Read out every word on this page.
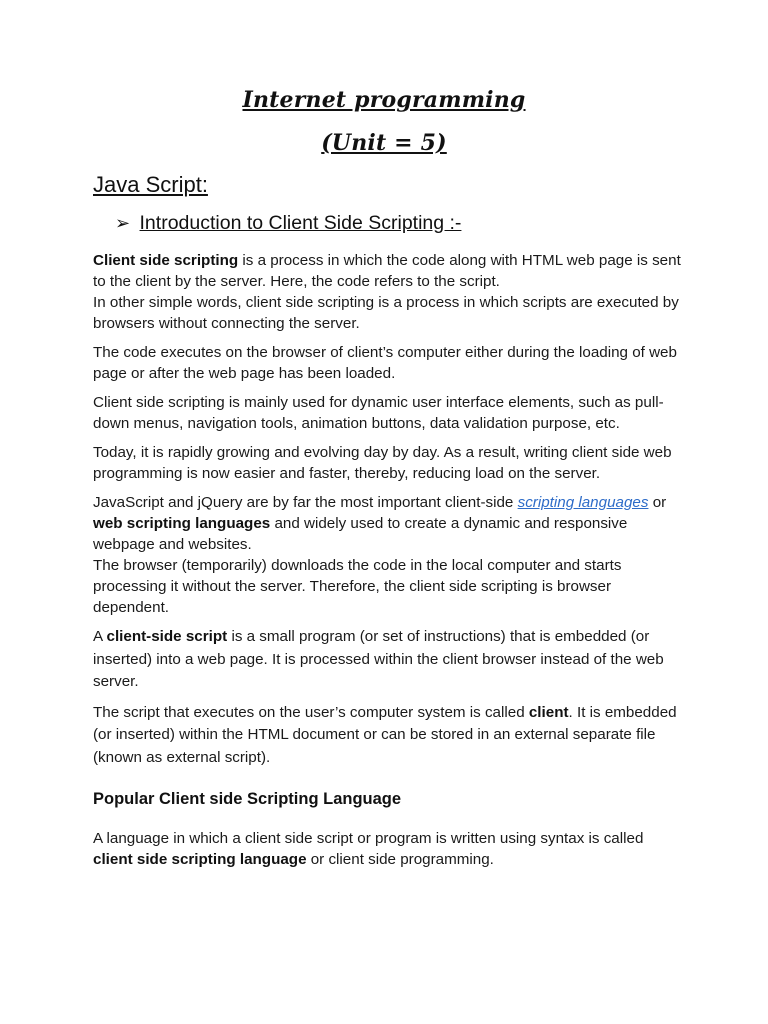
Internet programming
(Unit = 5)
Java Script:
➢ Introduction to Client Side Scripting :-

Client side scripting is a process in which the code along with HTML web page is sent to the client by the server. Here, the code refers to the script.
In other simple words, client side scripting is a process in which scripts are executed by browsers without connecting the server.

The code executes on the browser of client’s computer either during the loading of web page or after the web page has been loaded.

Client side scripting is mainly used for dynamic user interface elements, such as pull-down menus, navigation tools, animation buttons, data validation purpose, etc.

Today, it is rapidly growing and evolving day by day. As a result, writing client side web programming is now easier and faster, thereby, reducing load on the server.

JavaScript and jQuery are by far the most important client-side scripting languages or web scripting languages and widely used to create a dynamic and responsive webpage and websites.
The browser (temporarily) downloads the code in the local computer and starts processing it without the server. Therefore, the client side scripting is browser dependent.

A client-side script is a small program (or set of instructions) that is embedded (or inserted) into a web page. It is processed within the client browser instead of the web server.

The script that executes on the user’s computer system is called client. It is embedded (or inserted) within the HTML document or can be stored in an external separate file (known as external script).

Popular Client side Scripting Language

A language in which a client side script or program is written using syntax is called client side scripting language or client side programming.
